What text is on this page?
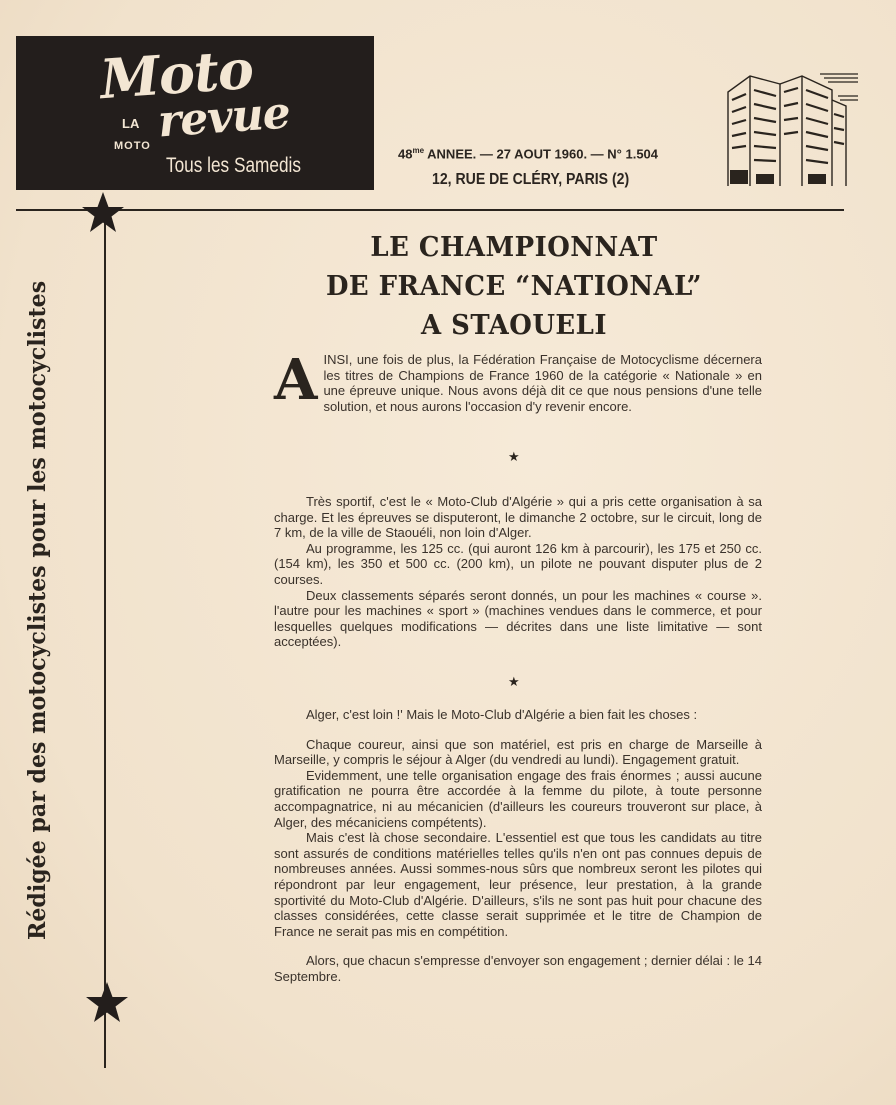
Moto
LA revue
MOTO
Tous les Samedis
$48^{me}$ ANNEE. — 27 AOUT 1960. — N° 1.504
12, RUE DE CLÉRY, PARIS (2)
Rédigée par des motocyclistes pour les motocyclistes
LE CHAMPIONNAT
DE FRANCE “NATIONAL”
A STAOUELI
A INSI, une fois de plus, la Fédération Française de Motocyclisme décernera les titres de Champions de France 1960 de la catégorie « Nationale » en une épreuve unique. Nous avons déjà dit ce que nous pensions d'une telle solution, et nous aurons l'occasion d'y revenir encore.

★

Très sportif, c'est le « Moto-Club d'Algérie » qui a pris cette organisation à sa charge. Et les épreuves se disputeront, le dimanche 2 octobre, sur le circuit, long de 7 km, de la ville de Staouéli, non loin d'Alger.

Au programme, les 125 cc. (qui auront 126 km à parcourir), les 175 et 250 cc. (154 km), les 350 et 500 cc. (200 km), un pilote ne pouvant disputer plus de 2 courses.

Deux classements séparés seront donnés, un pour les machines « course ». l'autre pour les machines « sport » (machines vendues dans le commerce, et pour lesquelles quelques modifications — décrites dans une liste limitative — sont acceptées).

★

Alger, c'est loin !' Mais le Moto-Club d'Algérie a bien fait les choses :

Chaque coureur, ainsi que son matériel, est pris en charge de Marseille à Marseille, y compris le séjour à Alger (du vendredi au lundi). Engagement gratuit.

Evidemment, une telle organisation engage des frais énormes ; aussi aucune gratification ne pourra être accordée à la femme du pilote, à toute personne accompagnatrice, ni au mécanicien (d'ailleurs les coureurs trouveront sur place, à Alger, des mécaniciens compétents).

Mais c'est là chose secondaire. L'essentiel est que tous les candidats au titre sont assurés de conditions matérielles telles qu'ils n'en ont pas connues depuis de nombreuses années. Aussi sommes-nous sûrs que nombreux seront les pilotes qui répondront par leur engagement, leur présence, leur prestation, à la grande sportivité du Moto-Club d'Algérie. D'ailleurs, s'ils ne sont pas huit pour chacune des classes considérées, cette classe serait supprimée et le titre de Champion de France ne serait pas mis en compétition.

Alors, que chacun s'empresse d'envoyer son engagement ; dernier délai : le 14 Septembre.
